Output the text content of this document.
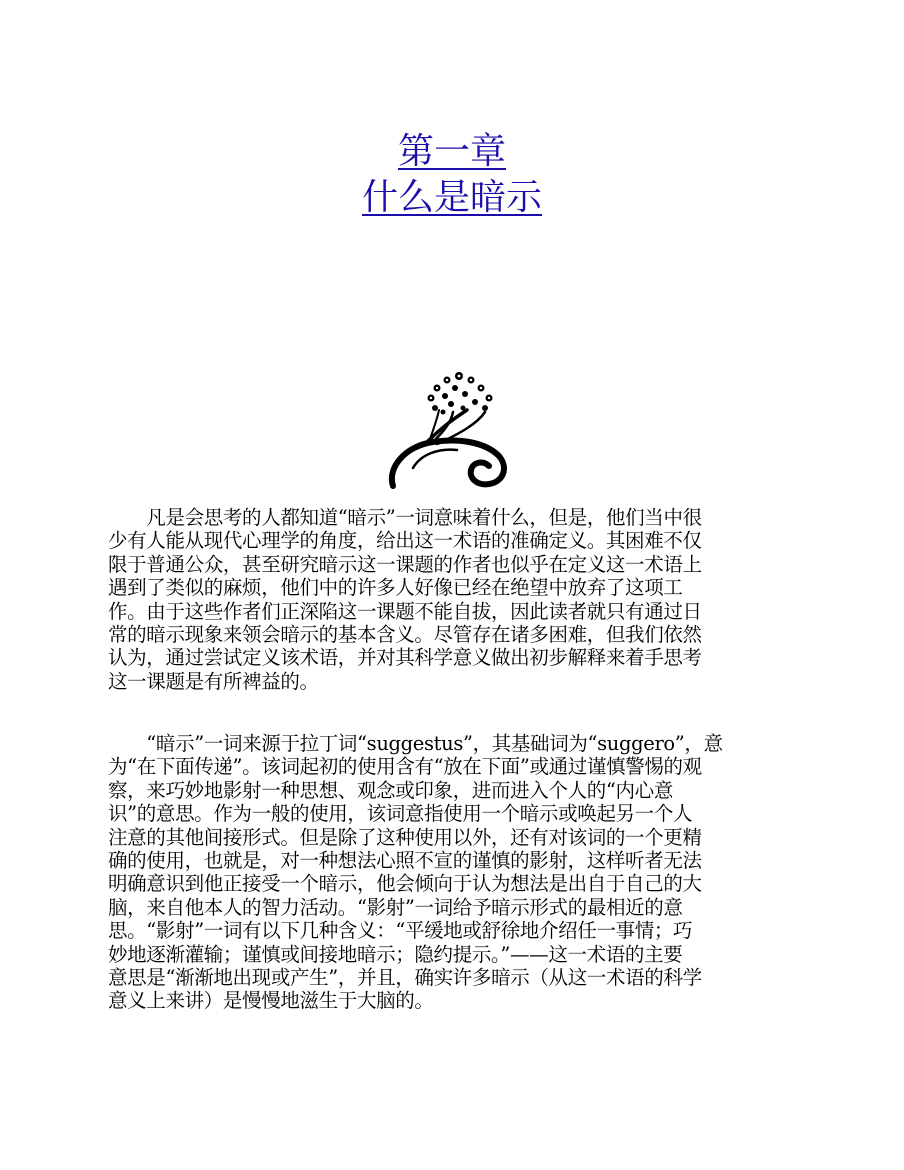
第一章
什么是暗示
　　凡是会思考的人都知道“暗示”一词意味着什么，但是，他们当中很
少有人能从现代心理学的角度，给出这一术语的准确定义。其困难不仅
限于普通公众，甚至研究暗示这一课题的作者也似乎在定义这一术语上
遇到了类似的麻烦，他们中的许多人好像已经在绝望中放弃了这项工
作。由于这些作者们正深陷这一课题不能自拔，因此读者就只有通过日
常的暗示现象来领会暗示的基本含义。尽管存在诸多困难，但我们依然
认为，通过尝试定义该术语，并对其科学意义做出初步解释来着手思考
这一课题是有所裨益的。
　　“暗示”一词来源于拉丁词“suggestus”，其基础词为“suggero”，意
为“在下面传递”。该词起初的使用含有“放在下面”或通过谨慎警惕的观
察，来巧妙地影射一种思想、观念或印象，进而进入个人的“内心意
识”的意思。作为一般的使用，该词意指使用一个暗示或唤起另一个人
注意的其他间接形式。但是除了这种使用以外，还有对该词的一个更精
确的使用，也就是，对一种想法心照不宣的谨慎的影射，这样听者无法
明确意识到他正接受一个暗示，他会倾向于认为想法是出自于自己的大
脑，来自他本人的智力活动。“影射”一词给予暗示形式的最相近的意
思。“影射”一词有以下几种含义：“平缓地或舒徐地介绍任一事情；巧
妙地逐渐灌输；谨慎或间接地暗示；隐约提示。”——这一术语的主要
意思是“渐渐地出现或产生”，并且，确实许多暗示（从这一术语的科学
意义上来讲）是慢慢地滋生于大脑的。
